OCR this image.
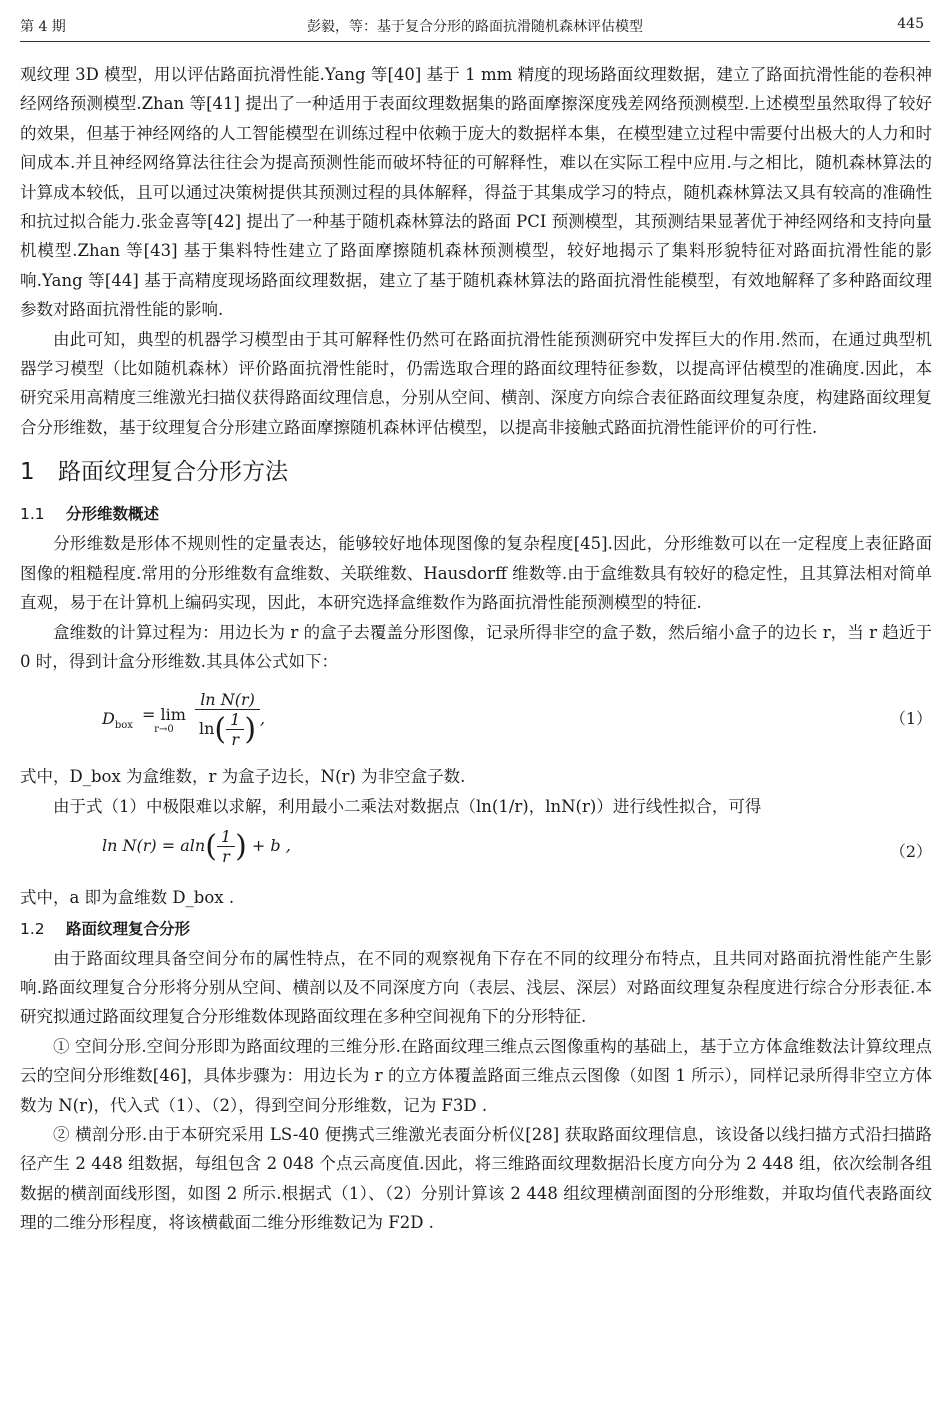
第 4 期	彭毅，等：基于复合分形的路面抗滑随机森林评估模型	445

观纹理 3D 模型，用以评估路面抗滑性能.Yang 等[40] 基于 1 mm 精度的现场路面纹理数据，建立了路面抗滑性能的卷积神经网络预测模型.Zhan 等[41] 提出了一种适用于表面纹理数据集的路面摩擦深度残差网络预测模型.上述模型虽然取得了较好的效果，但基于神经网络的人工智能模型在训练过程中依赖于庞大的数据样本集，在模型建立过程中需要付出极大的人力和时间成本.并且神经网络算法往往会为提高预测性能而破坏特征的可解释性，难以在实际工程中应用.与之相比，随机森林算法的计算成本较低，且可以通过决策树提供其预测过程的具体解释，得益于其集成学习的特点，随机森林算法又具有较高的准确性和抗过拟合能力.张金喜等[42] 提出了一种基于随机森林算法的路面 PCI 预测模型，其预测结果显著优于神经网络和支持向量机模型.Zhan 等[43] 基于集料特性建立了路面摩擦随机森林预测模型，较好地揭示了集料形貌特征对路面抗滑性能的影响.Yang 等[44] 基于高精度现场路面纹理数据，建立了基于随机森林算法的路面抗滑性能模型，有效地解释了多种路面纹理参数对路面抗滑性能的影响.

由此可知，典型的机器学习模型由于其可解释性仍然可在路面抗滑性能预测研究中发挥巨大的作用.然而，在通过典型机器学习模型（比如随机森林）评价路面抗滑性能时，仍需选取合理的路面纹理特征参数，以提高评估模型的准确度.因此，本研究采用高精度三维激光扫描仪获得路面纹理信息，分别从空间、横剖、深度方向综合表征路面纹理复杂度，构建路面纹理复合分形维数，基于纹理复合分形建立路面摩擦随机森林评估模型，以提高非接触式路面抗滑性能评价的可行性.

1 路面纹理复合分形方法
1.1 分形维数概述

分形维数是形体不规则性的定量表达，能够较好地体现图像的复杂程度[45].因此，分形维数可以在一定程度上表征路面图像的粗糙程度.常用的分形维数有盒维数、关联维数、Hausdorff 维数等.由于盒维数具有较好的稳定性，且其算法相对简单直观，易于在计算机上编码实现，因此，本研究选择盒维数作为路面抗滑性能预测模型的特征.

盒维数的计算过程为：用边长为 r 的盒子去覆盖分形图像，记录所得非空的盒子数，然后缩小盒子的边长 r，当 r 趋近于 0 时，得到计盒分形维数.其具体公式如下：

$D_{box}$
= lim
r→0
	$\frac{\text{ln N(r)}}{\ln( \frac{1}{r} )}$ ,	（1）

式中，D_box 为盒维数，r 为盒子边长，N(r) 为非空盒子数.

由于式（1）中极限难以求解，利用最小二乘法对数据点（ln(1/r)，lnN(r)）进行线性拟合，可得

$\ln N(r) = aln( \frac{1}{r}$ ) + b ,	（2）

式中，a 即为盒维数 D_box .

1.2 路面纹理复合分形

由于路面纹理具备空间分布的属性特点，在不同的观察视角下存在不同的纹理分布特点，且共同对路面抗滑性能产生影响.路面纹理复合分形将分别从空间、横剖以及不同深度方向（表层、浅层、深层）对路面纹理复杂程度进行综合分形表征.本研究拟通过路面纹理复合分形维数体现路面纹理在多种空间视角下的分形特征.

① 空间分形.空间分形即为路面纹理的三维分形.在路面纹理三维点云图像重构的基础上，基于立方体盒维数法计算纹理点云的空间分形维数[46]，具体步骤为：用边长为 r 的立方体覆盖路面三维点云图像（如图 1 所示），同样记录所得非空立方体数为 N(r)，代入式（1）、（2），得到空间分形维数，记为 F3D .

② 横剖分形.由于本研究采用 LS-40 便携式三维激光表面分析仪[28] 获取路面纹理信息，该设备以线扫描方式沿扫描路径产生 2 448 组数据，每组包含 2 048 个点云高度值.因此，将三维路面纹理数据沿长度方向分为 2 448 组，依次绘制各组数据的横剖面线形图，如图 2 所示.根据式（1）、（2）分别计算该 2 448 组纹理横剖面图的分形维数，并取均值代表路面纹理的二维分形程度，将该横截面二维分形维数记为 F2D .
